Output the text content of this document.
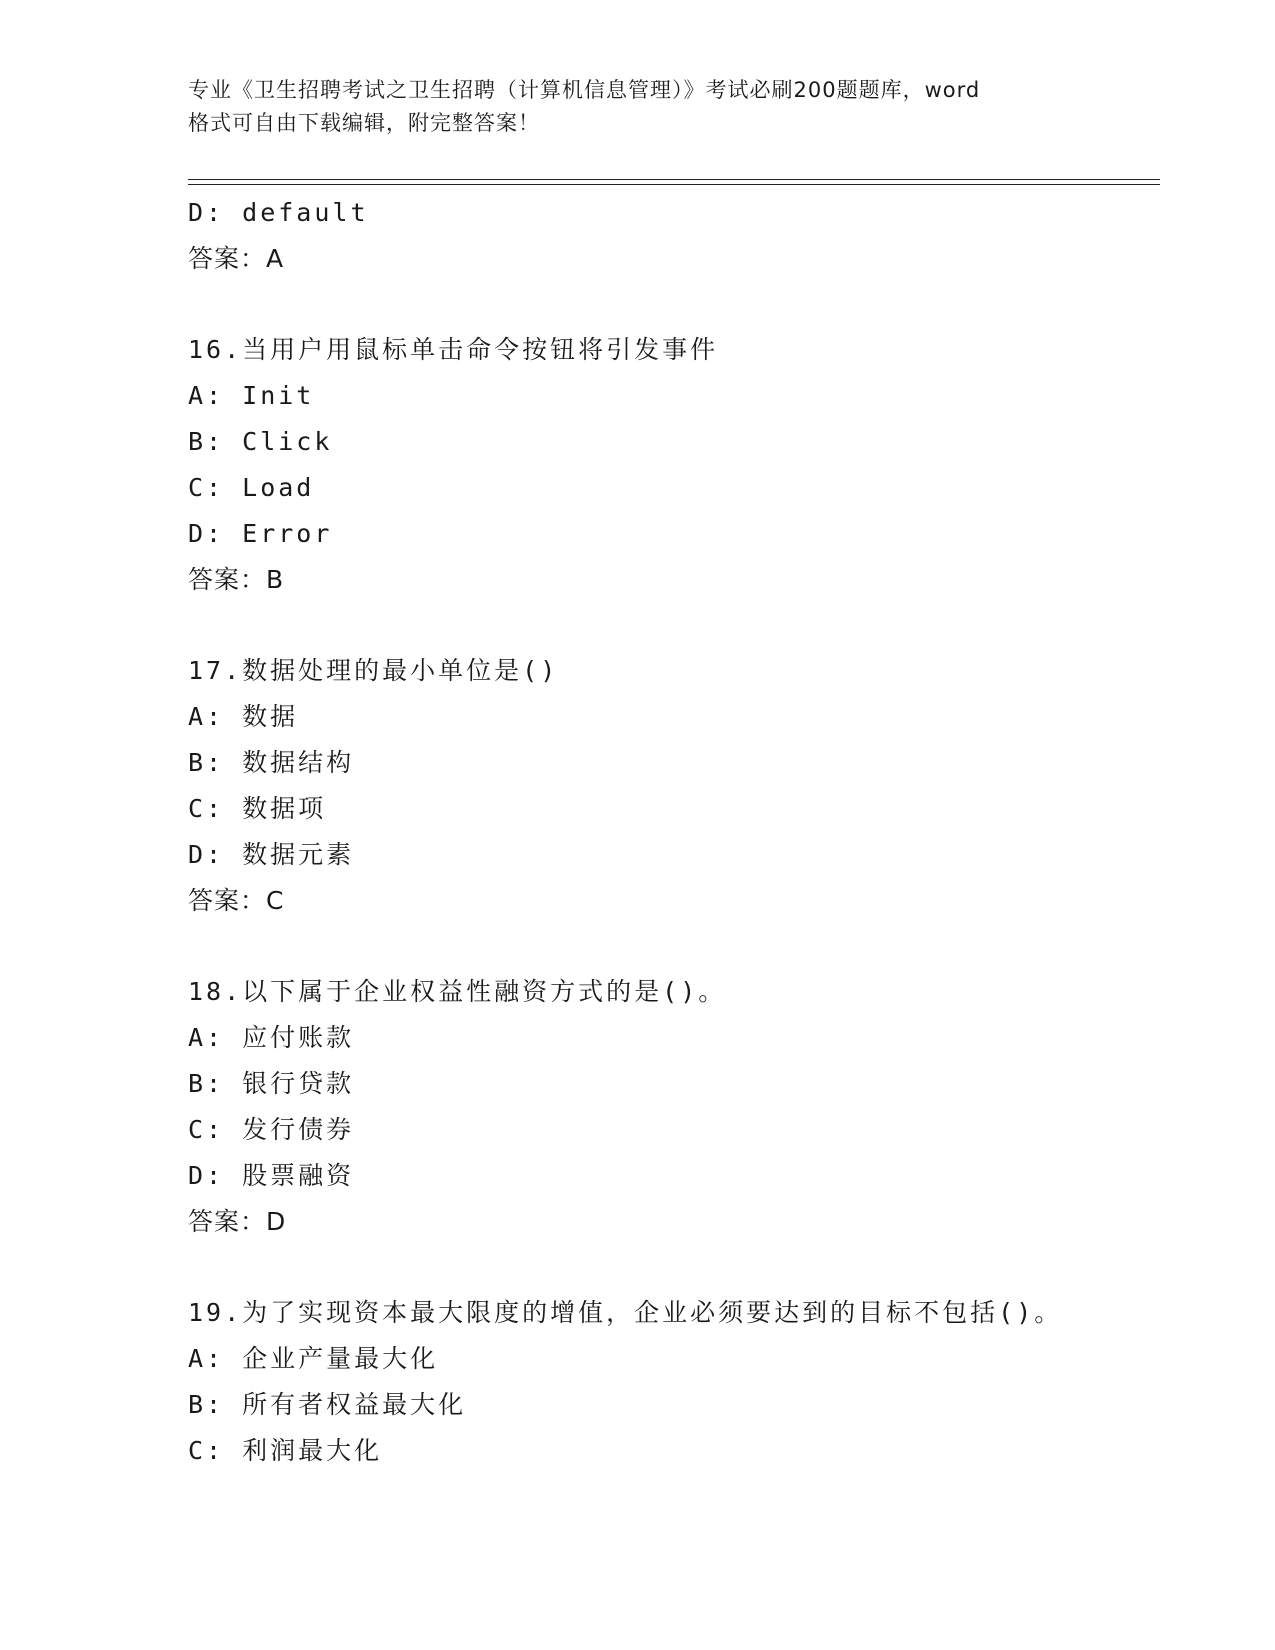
专业《卫生招聘考试之卫生招聘（计算机信息管理）》考试必刷200题题库，word

格式可自由下载编辑，附完整答案！

D: default
答案：A
16.当用户用鼠标单击命令按钮将引发事件
A: Init
B: Click
C: Load
D: Error
答案：B
17.数据处理的最小单位是()
A: 数据
B: 数据结构
C: 数据项
D: 数据元素
答案：C
18.以下属于企业权益性融资方式的是()。
A: 应付账款
B: 银行贷款
C: 发行债券
D: 股票融资
答案：D
19.为了实现资本最大限度的增值，企业必须要达到的目标不包括()。
A: 企业产量最大化
B: 所有者权益最大化
C: 利润最大化
